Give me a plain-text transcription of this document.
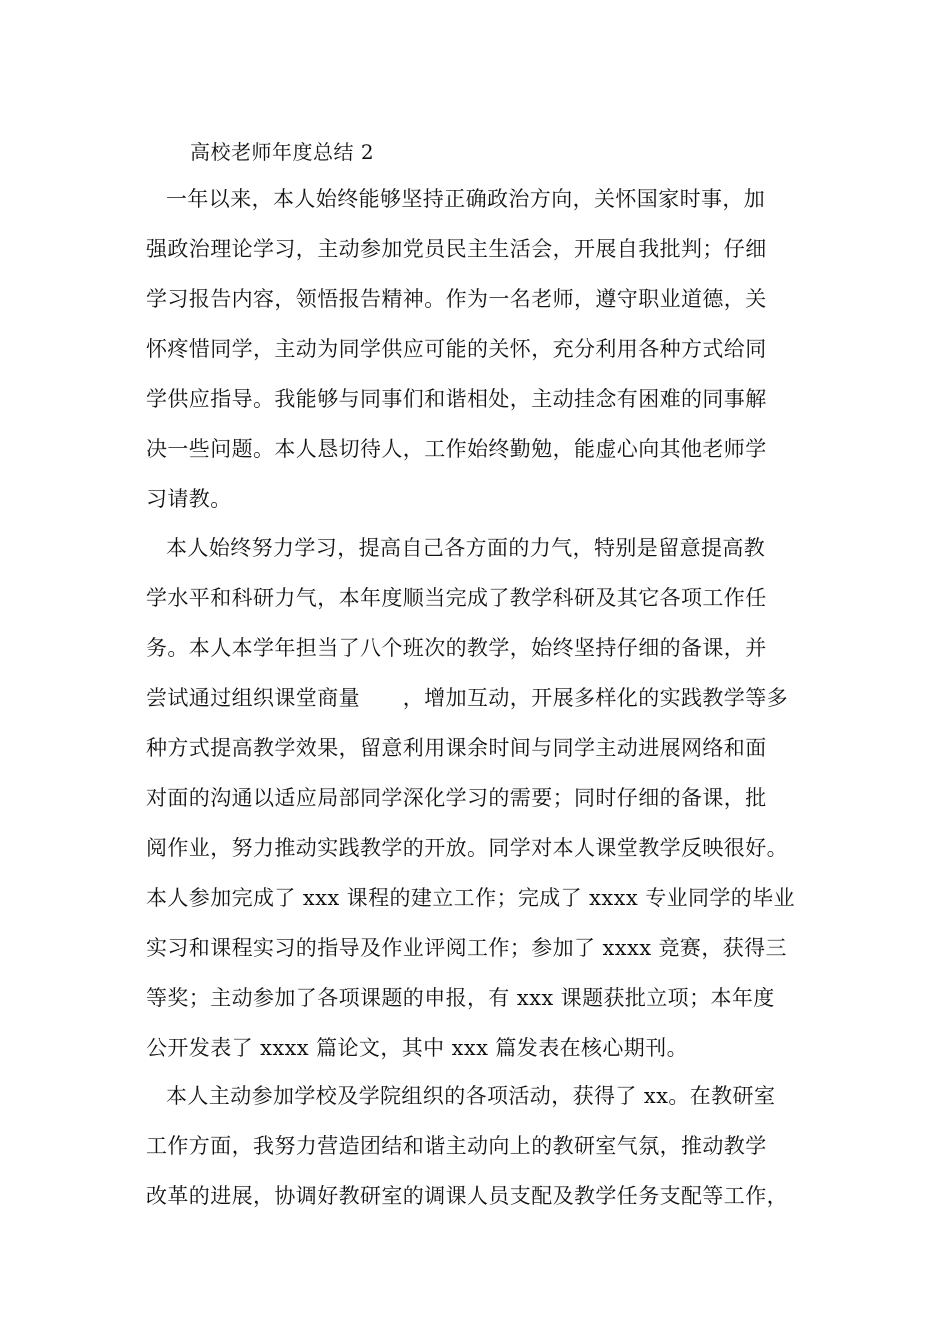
高校老师年度总结 2
一年以来，本人始终能够坚持正确政治方向，关怀国家时事，加
强政治理论学习，主动参加党员民主生活会，开展自我批判；仔细
学习报告内容，领悟报告精神。作为一名老师，遵守职业道德，关
怀疼惜同学，主动为同学供应可能的关怀，充分利用各种方式给同
学供应指导。我能够与同事们和谐相处，主动挂念有困难的同事解
决一些问题。本人恳切待人，工作始终勤勉，能虚心向其他老师学
习请教。
本人始终努力学习，提高自己各方面的力气，特别是留意提高教
学水平和科研力气，本年度顺当完成了教学科研及其它各项工作任
务。本人本学年担当了八个班次的教学，始终坚持仔细的备课，并
尝试通过组织课堂商量　　，增加互动，开展多样化的实践教学等多
种方式提高教学效果，留意利用课余时间与同学主动进展网络和面
对面的沟通以适应局部同学深化学习的需要；同时仔细的备课，批
阅作业，努力推动实践教学的开放。同学对本人课堂教学反映很好。
本人参加完成了 xxx 课程的建立工作；完成了 xxxx 专业同学的毕业
实习和课程实习的指导及作业评阅工作；参加了 xxxx 竞赛，获得三
等奖；主动参加了各项课题的申报，有 xxx 课题获批立项；本年度
公开发表了 xxxx 篇论文，其中 xxx 篇发表在核心期刊。
本人主动参加学校及学院组织的各项活动，获得了 xx。在教研室
工作方面，我努力营造团结和谐主动向上的教研室气氛，推动教学
改革的进展，协调好教研室的调课人员支配及教学任务支配等工作，
